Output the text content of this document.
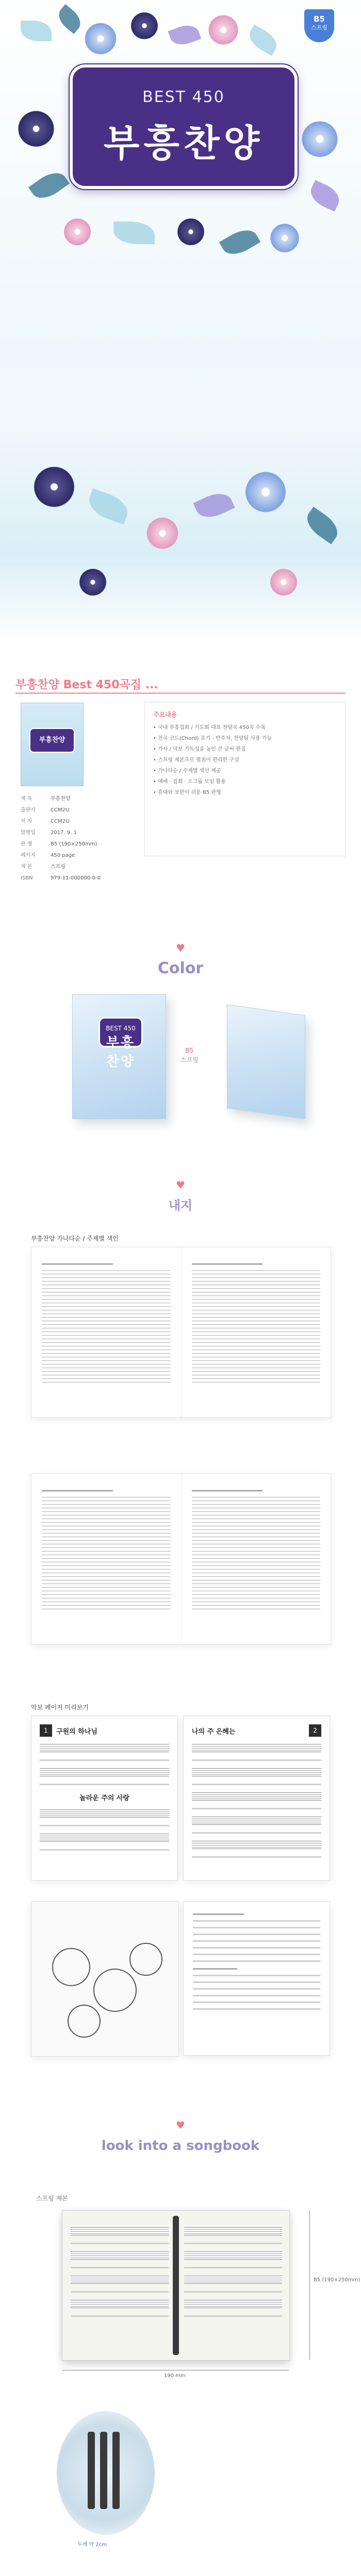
B5
스프링
BEST 450
부흥찬양
부흥찬양 Best 450곡집 ...
부흥찬양
제 목	부흥찬양
출판사	CCM2U
저 자	CCM2U
발행일	2017. 9. 1
판 형	B5 (190×250mm)
페이지	450 page
제 본	스프링
ISBN	979-11-000000-0-0
주요내용
• 국내 부흥집회 / 기도회 대표 찬양곡 450곡 수록
• 전곡 코드(Chord) 표기 - 반주자, 찬양팀 사용 가능
• 가사 / 악보 가독성을 높인 큰 글씨 편집
• 스프링 제본으로 펼침이 편리한 구성
• 가나다순 / 주제별 색인 제공
• 예배 · 집회 · 소그룹 모임 활용
• 휴대와 보관이 쉬운 B5 판형
♥
Color
BEST 450
부흥찬양
B5
스프링
♥
내지
부흥찬양 가나다순 / 주제별 색인
악보 페이지 미리보기
1	구원의 하나님
놀라운 주의 사랑
나의 주 은혜는	2
♥
look into a songbook
스프링 제본
B5 (190×250mm)
190 mm
두께 약 2cm
